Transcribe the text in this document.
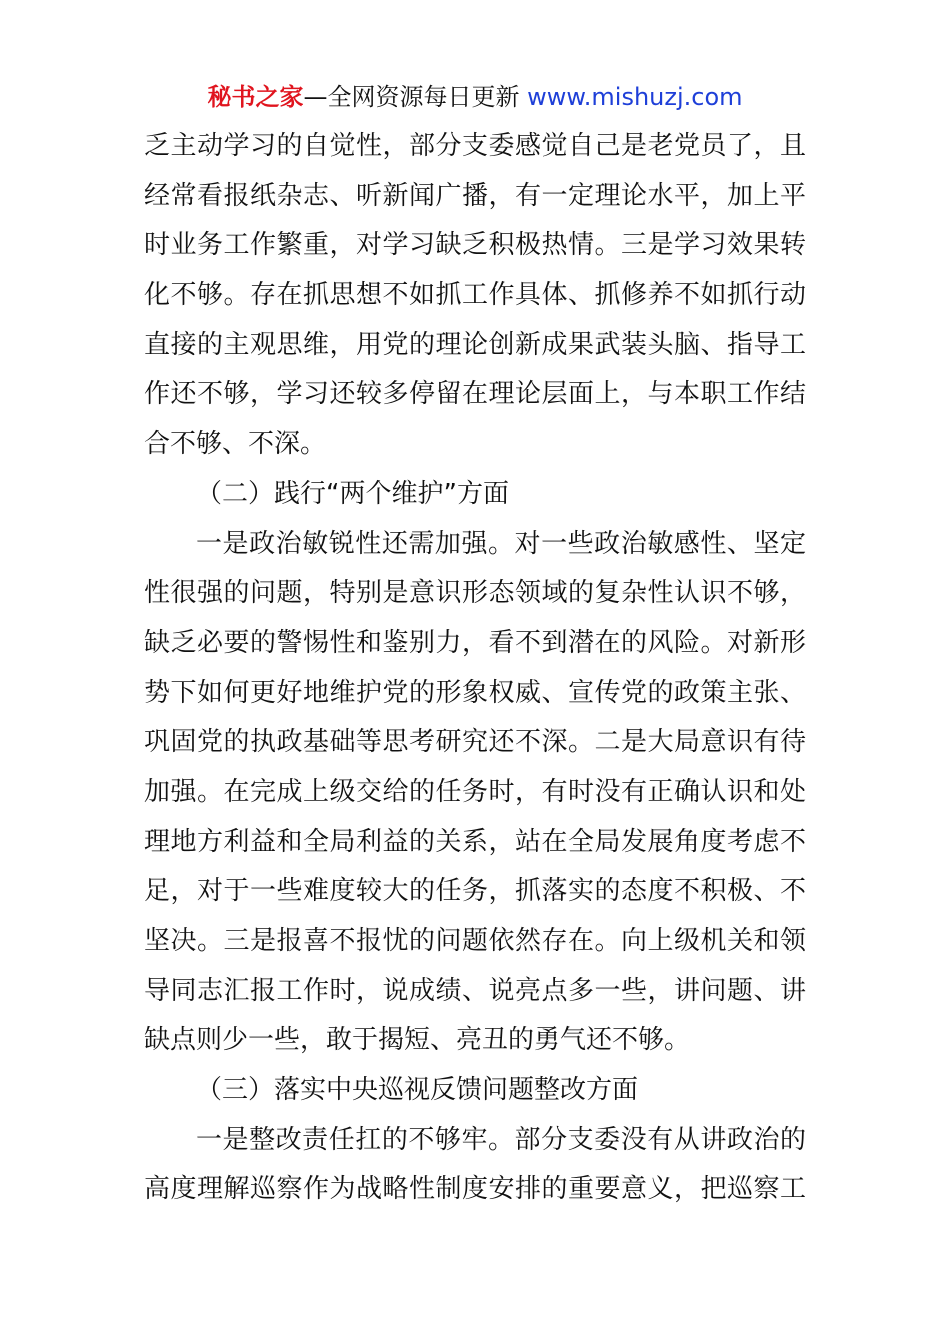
秘书之家—全网资源每日更新 www.mishuzj.com
乏主动学习的自觉性，部分支委感觉自己是老党员了，且
经常看报纸杂志、听新闻广播，有一定理论水平，加上平
时业务工作繁重，对学习缺乏积极热情。三是学习效果转
化不够。存在抓思想不如抓工作具体、抓修养不如抓行动
直接的主观思维，用党的理论创新成果武装头脑、指导工
作还不够，学习还较多停留在理论层面上，与本职工作结
合不够、不深。
（二）践行“两个维护”方面
一是政治敏锐性还需加强。对一些政治敏感性、坚定
性很强的问题，特别是意识形态领域的复杂性认识不够，
缺乏必要的警惕性和鉴别力，看不到潜在的风险。对新形
势下如何更好地维护党的形象权威、宣传党的政策主张、
巩固党的执政基础等思考研究还不深。二是大局意识有待
加强。在完成上级交给的任务时，有时没有正确认识和处
理地方利益和全局利益的关系，站在全局发展角度考虑不
足，对于一些难度较大的任务，抓落实的态度不积极、不
坚决。三是报喜不报忧的问题依然存在。向上级机关和领
导同志汇报工作时，说成绩、说亮点多一些，讲问题、讲
缺点则少一些，敢于揭短、亮丑的勇气还不够。
（三）落实中央巡视反馈问题整改方面
一是整改责任扛的不够牢。部分支委没有从讲政治的
高度理解巡察作为战略性制度安排的重要意义，把巡察工
